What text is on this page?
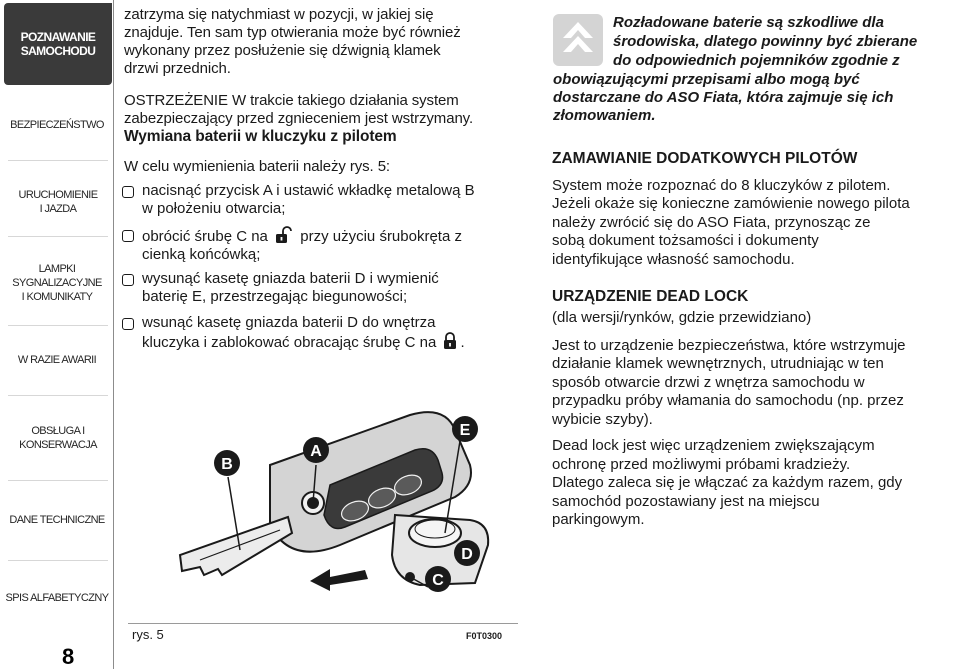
POZNAWANIE SAMOCHODU
BEZPIECZEŃSTWO
URUCHOMIENIE I JAZDA
LAMPKI SYGNALIZACYJNE I KOMUNIKATY
W RAZIE AWARII
OBSŁUGA I KONSERWACJA
DANE TECHNICZNE
SPIS ALFABETYCZNY
8
zatrzyma się natychmiast w pozycji, w jakiej się
znajduje. Ten sam typ otwierania może być również
wykonany przez posłużenie się dźwignią klamek
drzwi przednich.
OSTRZEŻENIE W trakcie takiego działania system
zabezpieczający przed zgnieceniem jest wstrzymany.
Wymiana baterii w kluczyku z pilotem
W celu wymienienia baterii należy rys. 5:
nacisnąć przycisk A i ustawić wkładkę metalową B
w położeniu otwarcia;
obrócić śrubę C na przy użyciu śrubokręta z
cienką końcówką;
wysunąć kasetę gniazda baterii D i wymienić
baterię E, przestrzegając biegunowości;
wsunąć kasetę gniazda baterii D do wnętrza
kluczyka i zablokować obracając śrubę C na .
A
B
E
D
C
rys. 5	F0T0300
Rozładowane baterie są szkodliwe dla
środowiska, dlatego powinny być zbierane
do odpowiednich pojemników zgodnie z
obowiązującymi przepisami albo mogą być
dostarczane do ASO Fiata, która zajmuje się ich
złomowaniem.
ZAMAWIANIE DODATKOWYCH PILOTÓW
System może rozpoznać do 8 kluczyków z pilotem.
Jeżeli okaże się konieczne zamówienie nowego pilota
należy zwrócić się do ASO Fiata, przynosząc ze
sobą dokument tożsamości i dokumenty
identyfikujące własność samochodu.
URZĄDZENIE DEAD LOCK
(dla wersji/rynków, gdzie przewidziano)
Jest to urządzenie bezpieczeństwa, które wstrzymuje
działanie klamek wewnętrznych, utrudniając w ten
sposób otwarcie drzwi z wnętrza samochodu w
przypadku próby włamania do samochodu (np. przez
wybicie szyby).
Dead lock jest więc urządzeniem zwiększającym
ochronę przed możliwymi próbami kradzieży.
Dlatego zaleca się je włączać za każdym razem, gdy
samochód pozostawiany jest na miejscu
parkingowym.
